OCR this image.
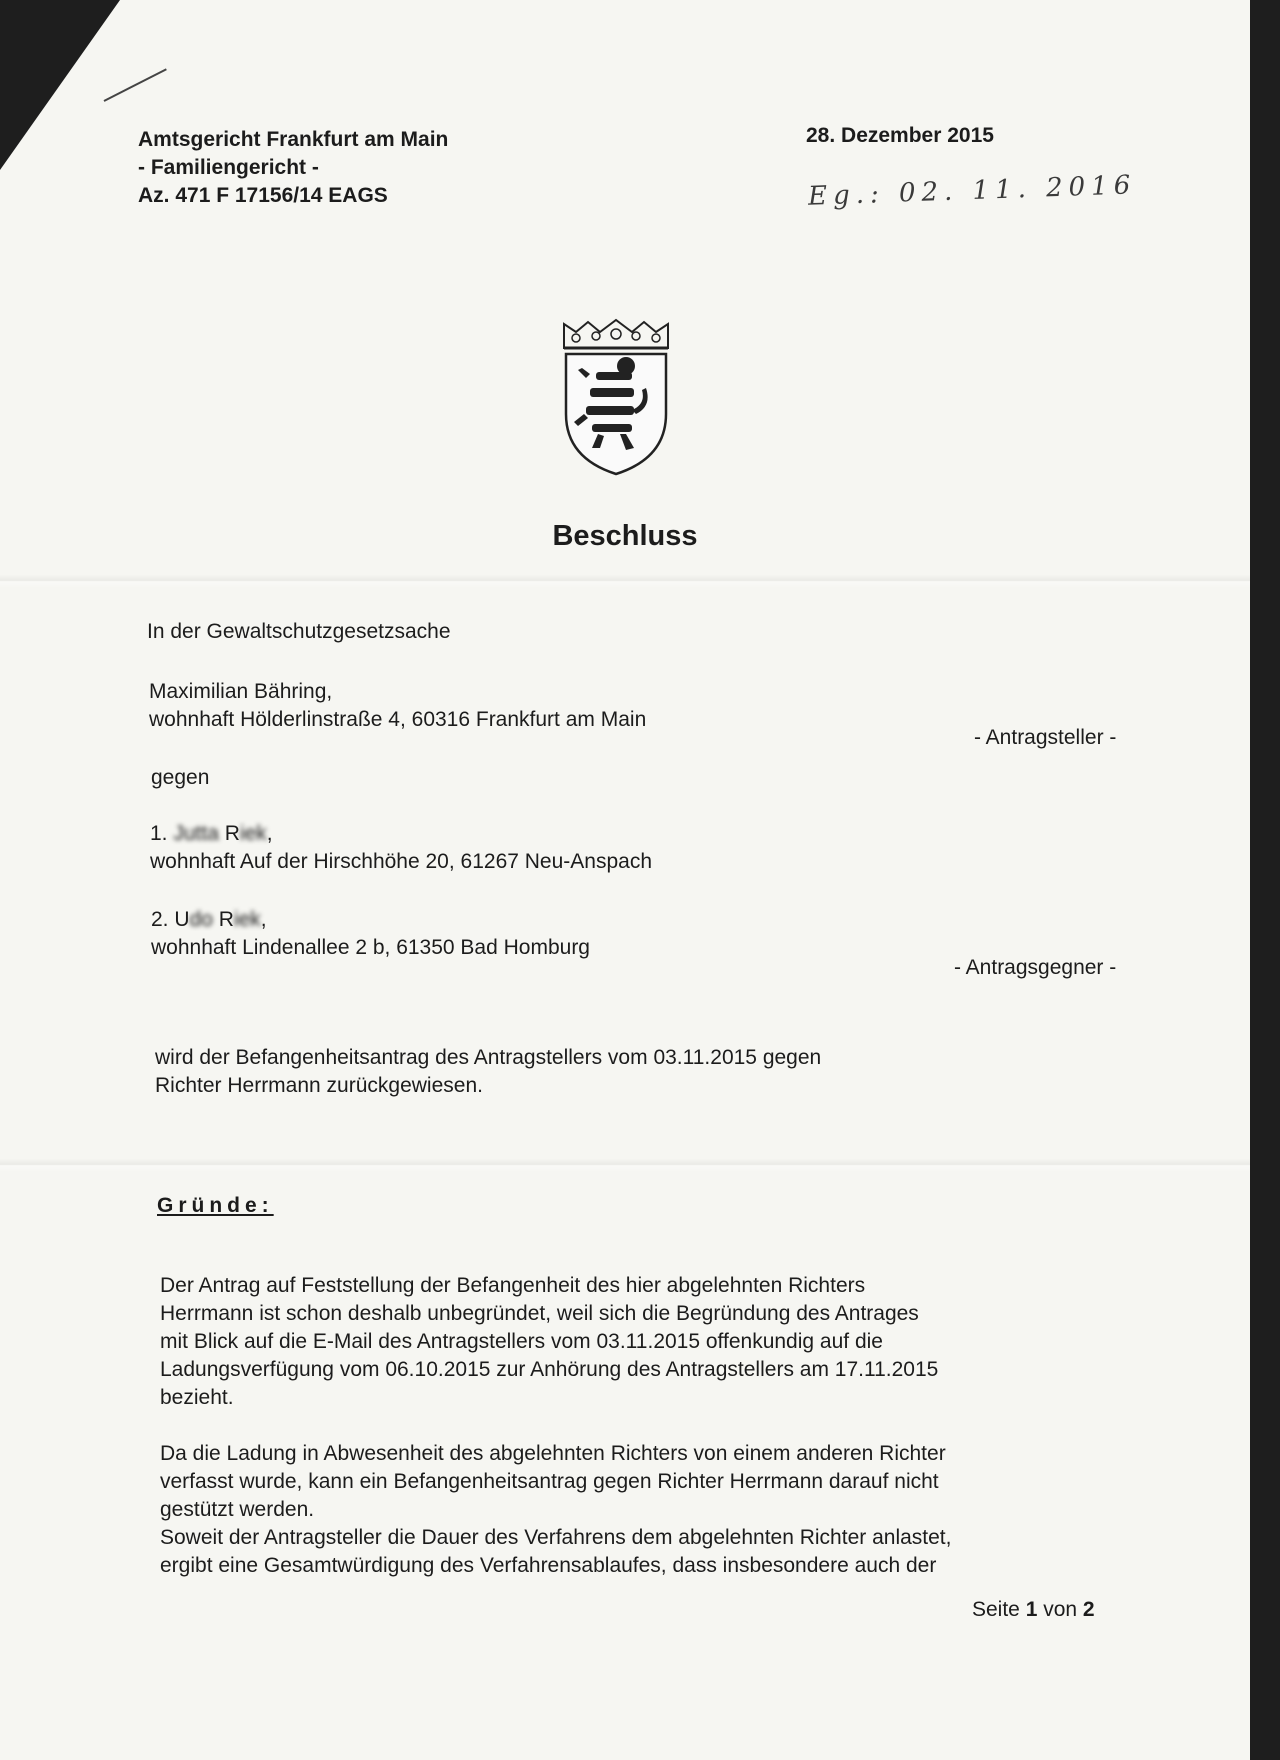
Amtsgericht Frankfurt am Main
- Familiengericht -
Az. 471 F 17156/14 EAGS
28. Dezember 2015
Eg.: 02. 11. 2016
Beschluss
In der Gewaltschutzgesetzsache
Maximilian Bähring,
wohnhaft Hölderlinstraße 4, 60316 Frankfurt am Main
- Antragsteller -
gegen
1. Jutta Riek,
wohnhaft Auf der Hirschhöhe 20, 61267 Neu-Anspach
2. Udo Riek,
wohnhaft Lindenallee 2 b, 61350 Bad Homburg
- Antragsgegner -
wird der Befangenheitsantrag des Antragstellers vom 03.11.2015 gegen
Richter Herrmann zurückgewiesen.
Gründe:
Der Antrag auf Feststellung der Befangenheit des hier abgelehnten Richters
Herrmann ist schon deshalb unbegründet, weil sich die Begründung des Antrages
mit Blick auf die E-Mail des Antragstellers vom 03.11.2015 offenkundig auf die
Ladungsverfügung vom 06.10.2015 zur Anhörung des Antragstellers am 17.11.2015
bezieht.
Da die Ladung in Abwesenheit des abgelehnten Richters von einem anderen Richter
verfasst wurde, kann ein Befangenheitsantrag gegen Richter Herrmann darauf nicht
gestützt werden.
Soweit der Antragsteller die Dauer des Verfahrens dem abgelehnten Richter anlastet,
ergibt eine Gesamtwürdigung des Verfahrensablaufes, dass insbesondere auch der
Seite 1 von 2
